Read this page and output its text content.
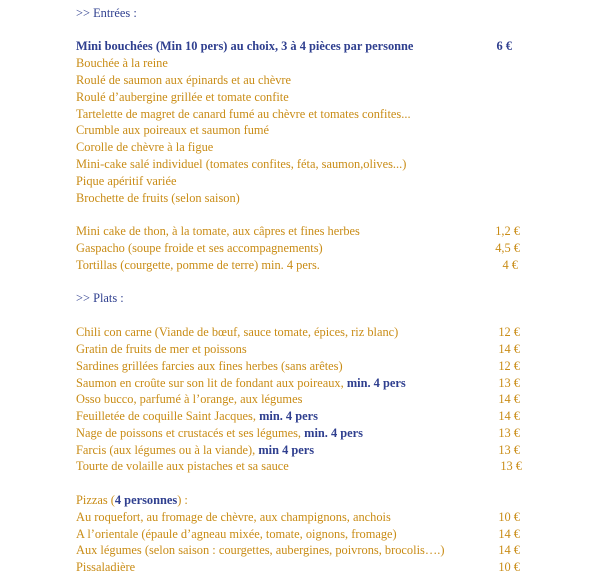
>> Entrées :
Mini bouchées (Min 10 pers) au choix, 3 à 4 pièces par personne	6 €
Bouchée à la reine
Roulé de saumon aux épinards et au chèvre
Roulé d’aubergine grillée et tomate confite
Tartelette de magret de canard fumé au chèvre et tomates confites...
Crumble aux poireaux et saumon fumé
Corolle de chèvre à la figue
Mini-cake salé individuel (tomates confites, féta, saumon,olives...)
Pique apéritif variée
Brochette de fruits (selon saison)
Mini cake de thon, à la tomate, aux câpres et fines herbes	1,2 €
Gaspacho (soupe froide et ses accompagnements)	4,5 €
Tortillas (courgette, pomme de terre) min. 4 pers.	4 €
>> Plats :
Chili con carne (Viande de bœuf, sauce tomate, épices, riz blanc)	12 €
Gratin de fruits de mer et poissons	14 €
Sardines grillées farcies aux fines herbes (sans arêtes)	12 €
Saumon en croûte sur son lit de fondant aux poireaux, min. 4 pers	13 €
Osso bucco, parfumé à l’orange, aux légumes	14 €
Feuilletée de coquille Saint Jacques, min. 4 pers	14 €
Nage de poissons et crustacés et ses légumes, min. 4 pers	13 €
Farcis (aux légumes ou à la viande), min 4 pers	13 €
Tourte de volaille aux pistaches et sa sauce	13 €
Pizzas (4 personnes) :
Au roquefort, au fromage de chèvre, aux champignons, anchois	10 €
A l’orientale (épaule d’agneau mixée, tomate, oignons, fromage)	14 €
Aux légumes (selon saison : courgettes, aubergines, poivrons, brocolis….)	14 €
Pissaladière	10 €
